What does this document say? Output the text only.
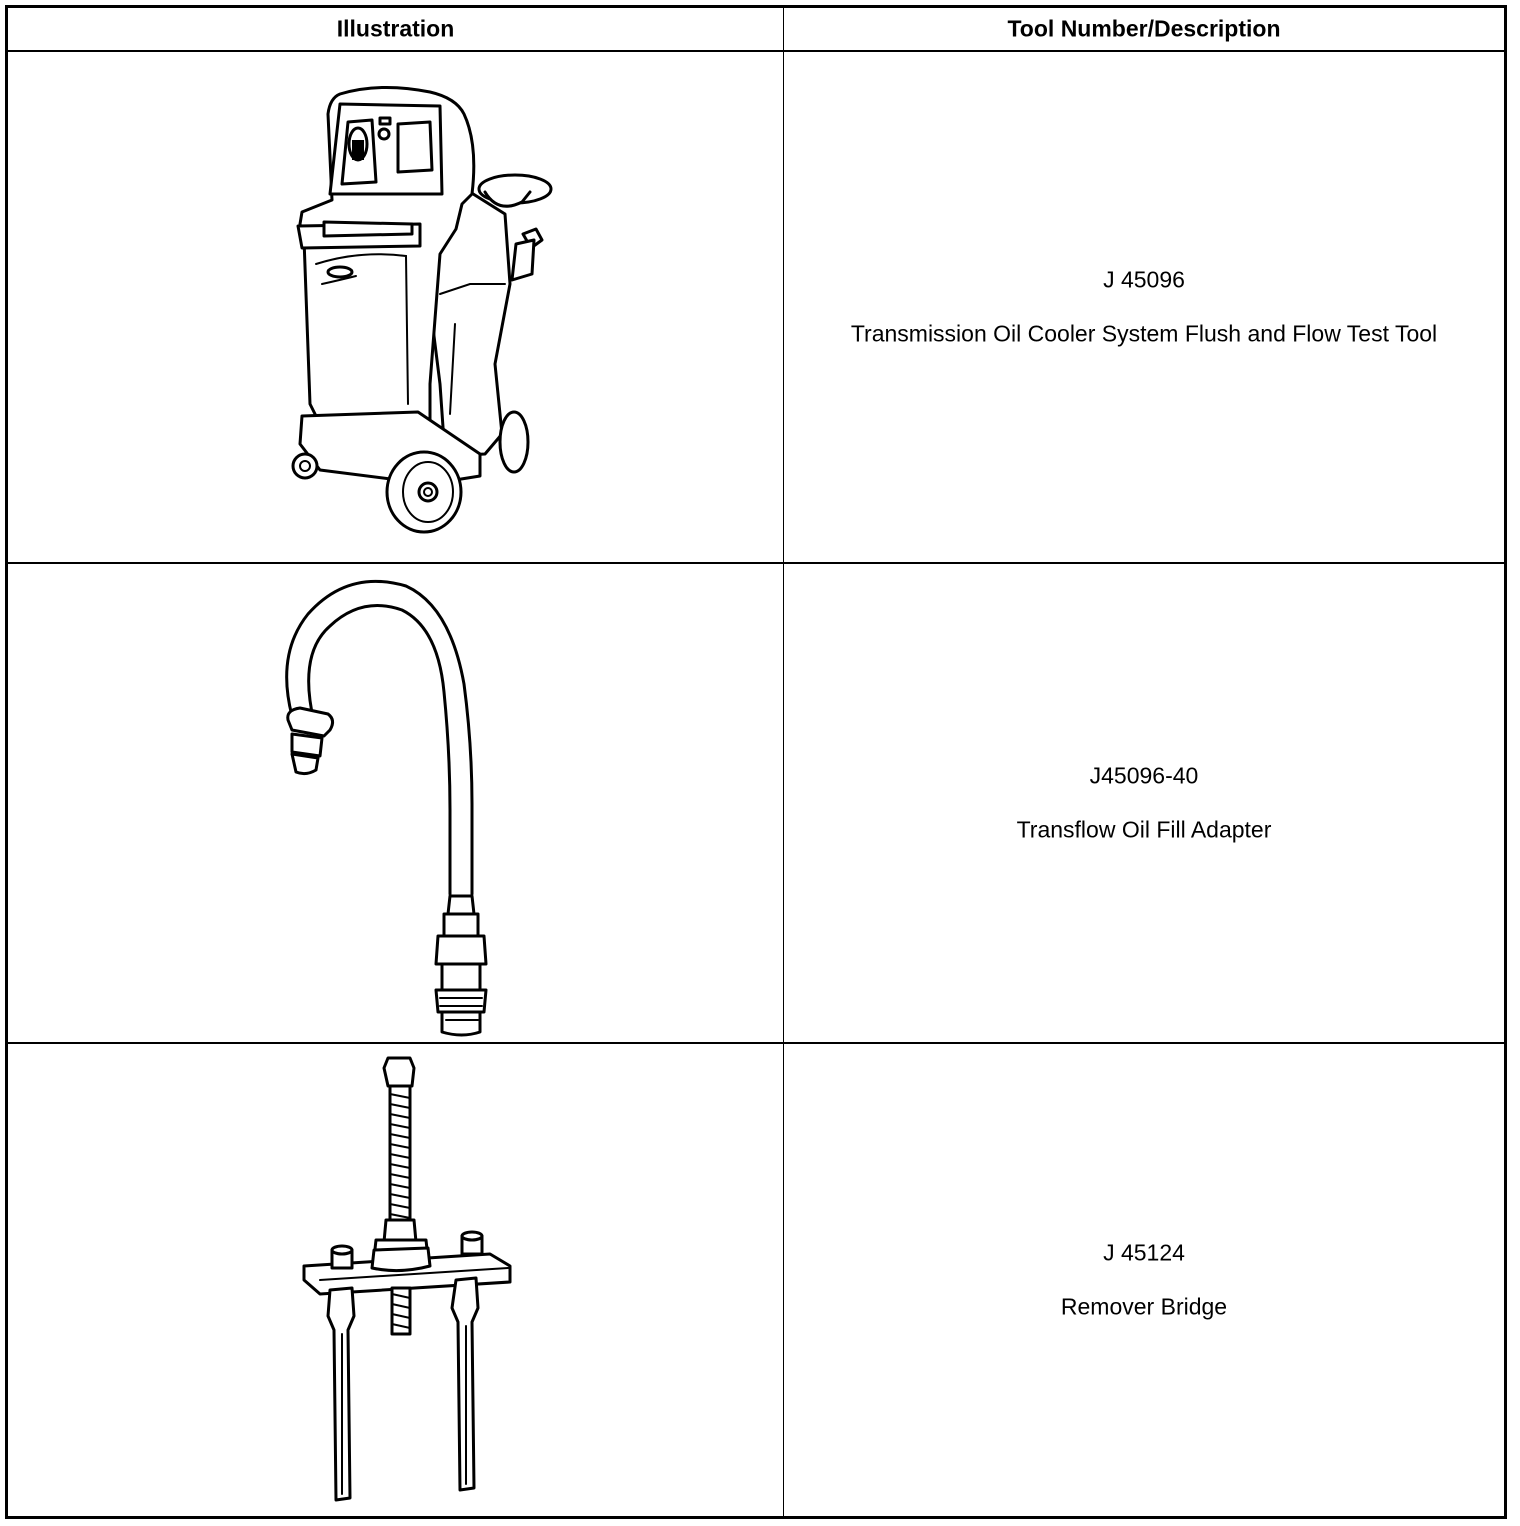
Illustration	Tool Number/Description
J 45096
Transmission Oil Cooler System Flush and Flow Test Tool
J45096-40
Transflow Oil Fill Adapter
J 45124
Remover Bridge
